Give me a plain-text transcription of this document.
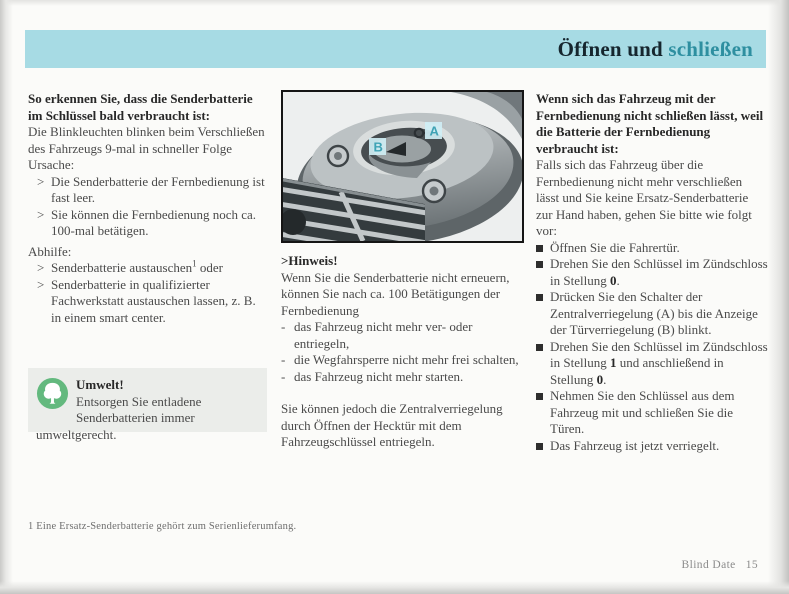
Öffnen und schließen
So erkennen Sie, dass die Senderbatterie im Schlüssel bald verbraucht ist:

Die Blinkleuchten blinken beim Verschließen des Fahrzeugs 9-mal in schneller Folge

Ursache:

> Die Senderbatterie der Fernbedienung ist fast leer.
> Sie können die Fernbedienung noch ca. 100-mal betätigen.

Abhilfe:

> Senderbatterie austauschen$^1$ oder
> Senderbatterie in qualifizierter Fachwerkstatt austauschen lassen, z. B. in einem smart center.
Umwelt!
Entsorgen Sie entladene Senderbatterien immer umweltgerecht.
A
B
>Hinweis!

Wenn Sie die Senderbatterie nicht erneuern, können Sie nach ca. 100 Betätigungen der Fernbedienung

- das Fahrzeug nicht mehr ver- oder entriegeln,
- die Wegfahrsperre nicht mehr frei schalten,
- das Fahrzeug nicht mehr starten.

Sie können jedoch die Zentralverriegelung durch Öffnen der Hecktür mit dem Fahrzeugschlüssel entriegeln.

Wenn sich das Fahrzeug mit der Fernbedienung nicht schließen lässt, weil die Batterie der Fernbedienung verbraucht ist:

Falls sich das Fahrzeug über die Fernbedienung nicht mehr verschließen lässt und Sie keine Ersatz-Senderbatterie zur Hand haben, gehen Sie bitte wie folgt vor:

Öffnen Sie die Fahrertür.
Drehen Sie den Schlüssel im Zündschloss in Stellung 0.
Drücken Sie den Schalter der Zentralverriegelung (A) bis die Anzeige der Türverriegelung (B) blinkt.
Drehen Sie den Schlüssel im Zündschloss in Stellung 1 und anschließend in Stellung 0.
Nehmen Sie den Schlüssel aus dem Fahrzeug mit und schließen Sie die Türen.
Das Fahrzeug ist jetzt verriegelt.
1 Eine Ersatz-Senderbatterie gehört zum Serienlieferumfang.
Blind Date 15
